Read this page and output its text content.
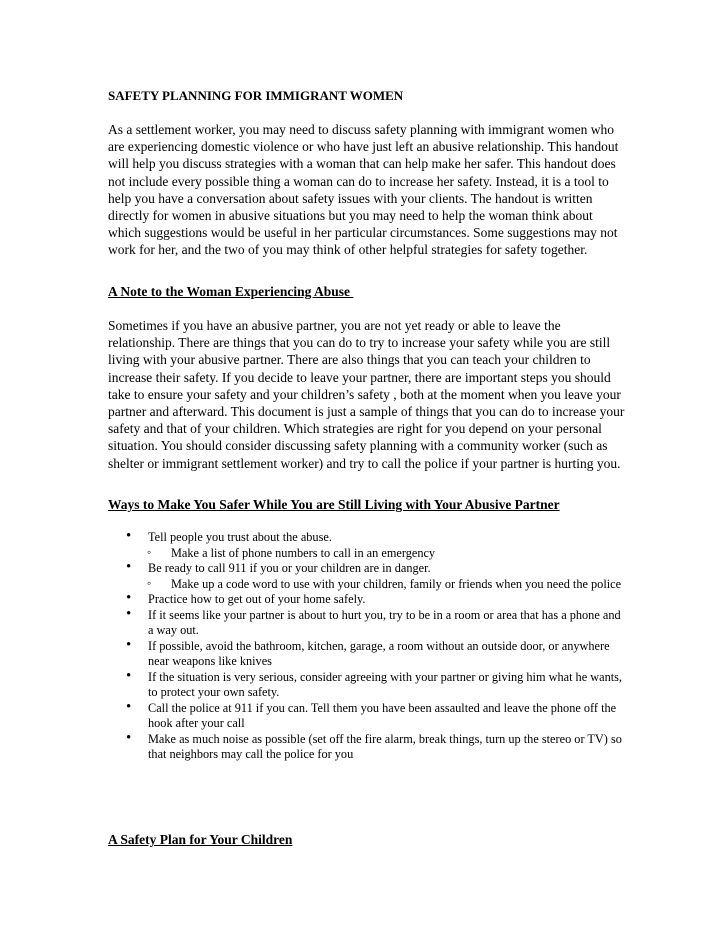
SAFETY PLANNING FOR IMMIGRANT WOMEN
As a settlement worker, you may need to discuss safety planning with immigrant women who are experiencing domestic violence or who have just left an abusive relationship. This handout will help you discuss strategies with a woman that can help make her safer. This handout does not include every possible thing a woman can do to increase her safety. Instead, it is a tool to help you have a conversation about safety issues with your clients. The handout is written directly for women in abusive situations but you may need to help the woman think about which suggestions would be useful in her particular circumstances. Some suggestions may not work for her, and the two of you may think of other helpful strategies for safety together.
A Note to the Woman Experiencing Abuse
Sometimes if you have an abusive partner, you are not yet ready or able to leave the relationship. There are things that you can do to try to increase your safety while you are still living with your abusive partner. There are also things that you can teach your children to increase their safety. If you decide to leave your partner, there are important steps you should take to ensure your safety and your children’s safety , both at the moment when you leave your partner and afterward. This document is just a sample of things that you can do to increase your safety and that of your children. Which strategies are right for you depend on your personal situation. You should consider discussing safety planning with a community worker (such as shelter or immigrant settlement worker) and try to call the police if your partner is hurting you.
Ways to Make You Safer While You are Still Living with Your Abusive Partner
• Tell people you trust about the abuse.
◦ Make a list of phone numbers to call in an emergency
• Be ready to call 911 if you or your children are in danger.
◦ Make up a code word to use with your children, family or friends when you need the police
• Practice how to get out of your home safely.
• If it seems like your partner is about to hurt you, try to be in a room or area that has a phone and a way out.
• If possible, avoid the bathroom, kitchen, garage, a room without an outside door, or anywhere near weapons like knives
• If the situation is very serious, consider agreeing with your partner or giving him what he wants, to protect your own safety.
• Call the police at 911 if you can. Tell them you have been assaulted and leave the phone off the hook after your call
• Make as much noise as possible (set off the fire alarm, break things, turn up the stereo or TV) so that neighbors may call the police for you
A Safety Plan for Your Children
